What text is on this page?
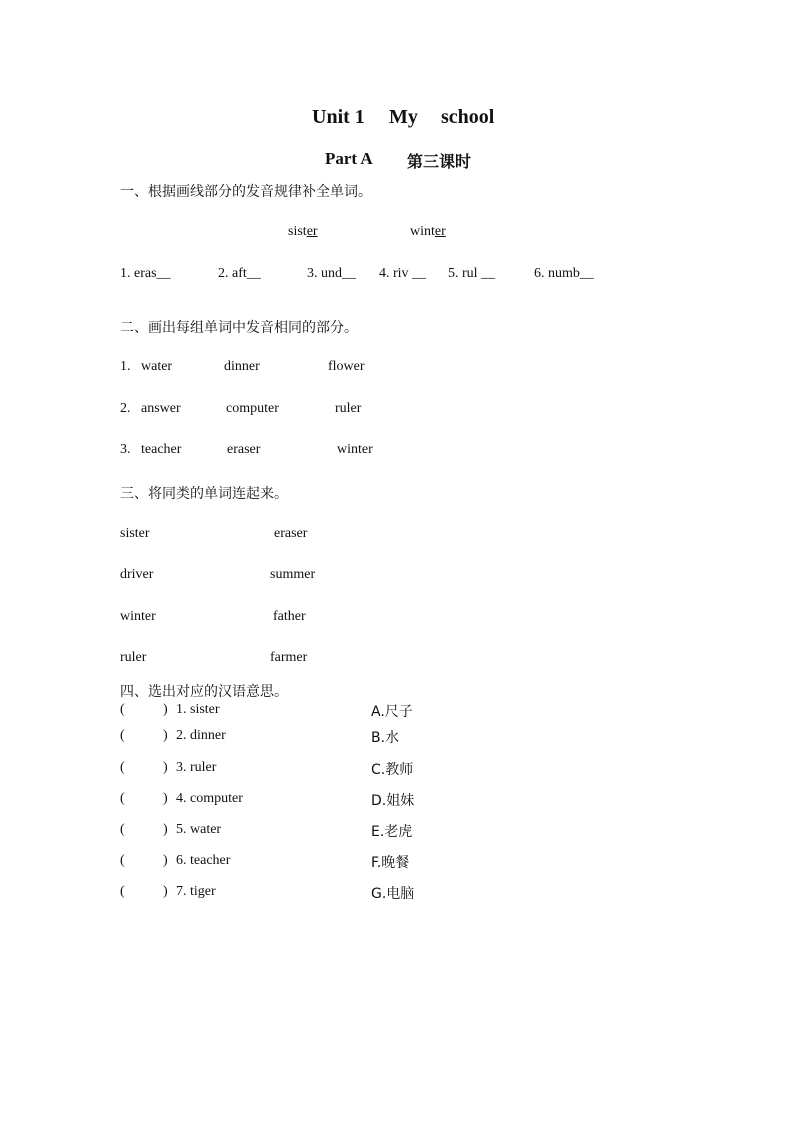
Unit 1 My school
Part A 第三课时
一、根据画线部分的发音规律补全单词。
sister	winter
1. eras__	2. aft__	3. und__ 4. riv __ 5. rul __	6. numb__
二、画出每组单词中发音相同的部分。
1. water	dinner	flower
2. answer	computer	ruler
3. teacher	eraser	winter
三、将同类的单词连起来。
sister	eraser
driver	summer
winter	father
ruler	farmer
四、选出对应的汉语意思。
(	) 1. sister	A.尺子
(	) 2. dinner	B.水
(	) 3. ruler	C.教师
(	) 4. computer	D.姐妹
(	) 5. water	E.老虎
(	) 6. teacher	F.晚餐
(	) 7. tiger	G.电脑
